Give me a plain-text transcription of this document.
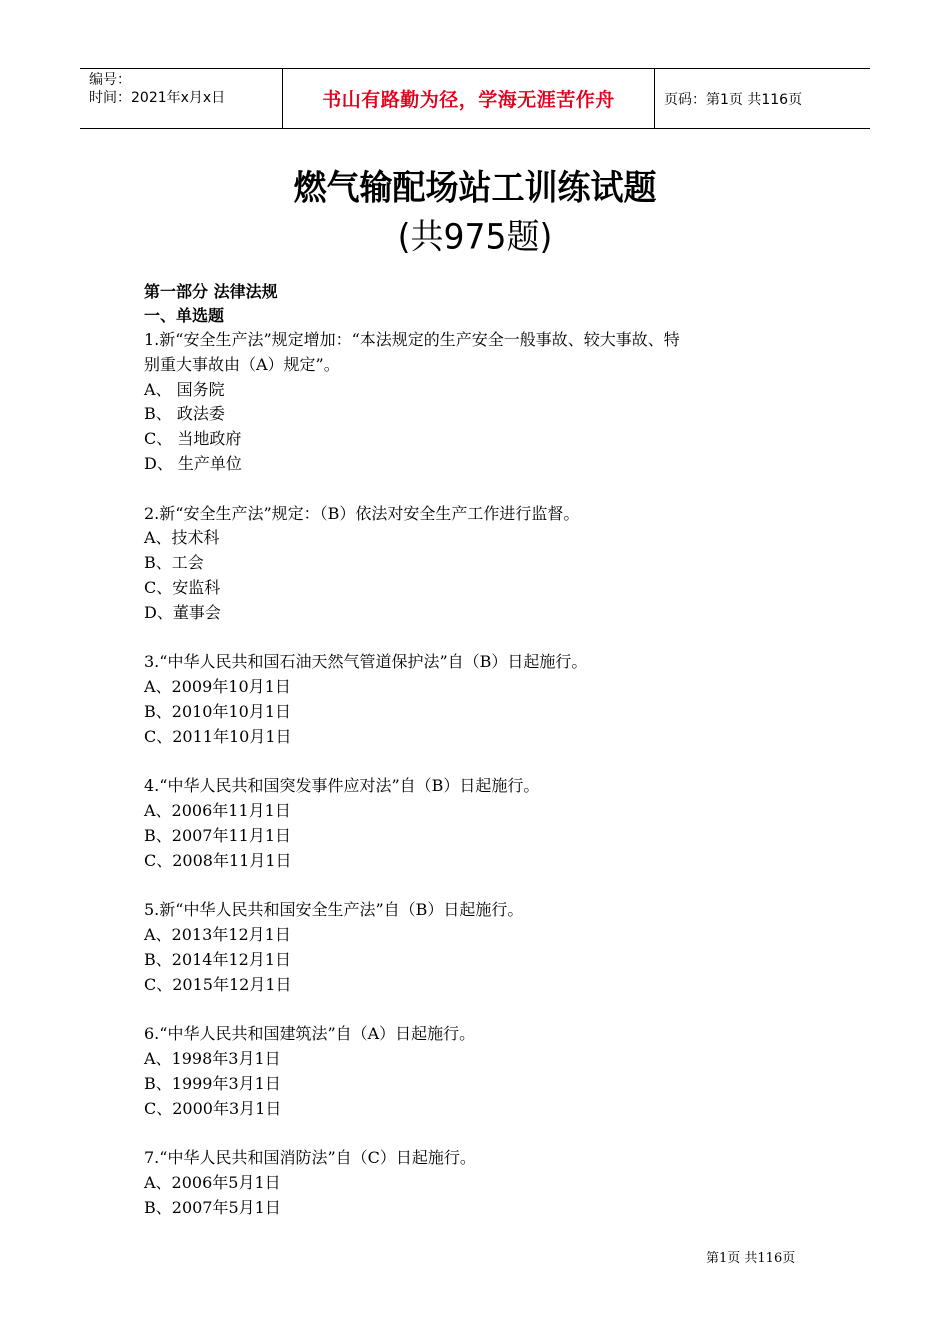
编号：
时间：2021年x月x日	书山有路勤为径，学海无涯苦作舟	页码：第1页 共116页
燃气输配场站工训练试题
(共975题)
第一部分 法律法规
一、单选题
1.新“安全生产法”规定增加：“本法规定的生产安全一般事故、较大事故、特
别重大事故由（A）规定”。
A、 国务院
B、 政法委
C、 当地政府
D、 生产单位
2.新“安全生产法”规定：（B）依法对安全生产工作进行监督。
A、技术科
B、工会
C、安监科
D、董事会
3.“中华人民共和国石油天然气管道保护法”自（B）日起施行。
A、2009年10月1日
B、2010年10月1日
C、2011年10月1日
4.“中华人民共和国突发事件应对法”自（B）日起施行。
A、2006年11月1日
B、2007年11月1日
C、2008年11月1日
5.新“中华人民共和国安全生产法”自（B）日起施行。
A、2013年12月1日
B、2014年12月1日
C、2015年12月1日
6.“中华人民共和国建筑法”自（A）日起施行。
A、1998年3月1日
B、1999年3月1日
C、2000年3月1日
7.“中华人民共和国消防法”自（C）日起施行。
A、2006年5月1日
B、2007年5月1日
第1页 共116页
